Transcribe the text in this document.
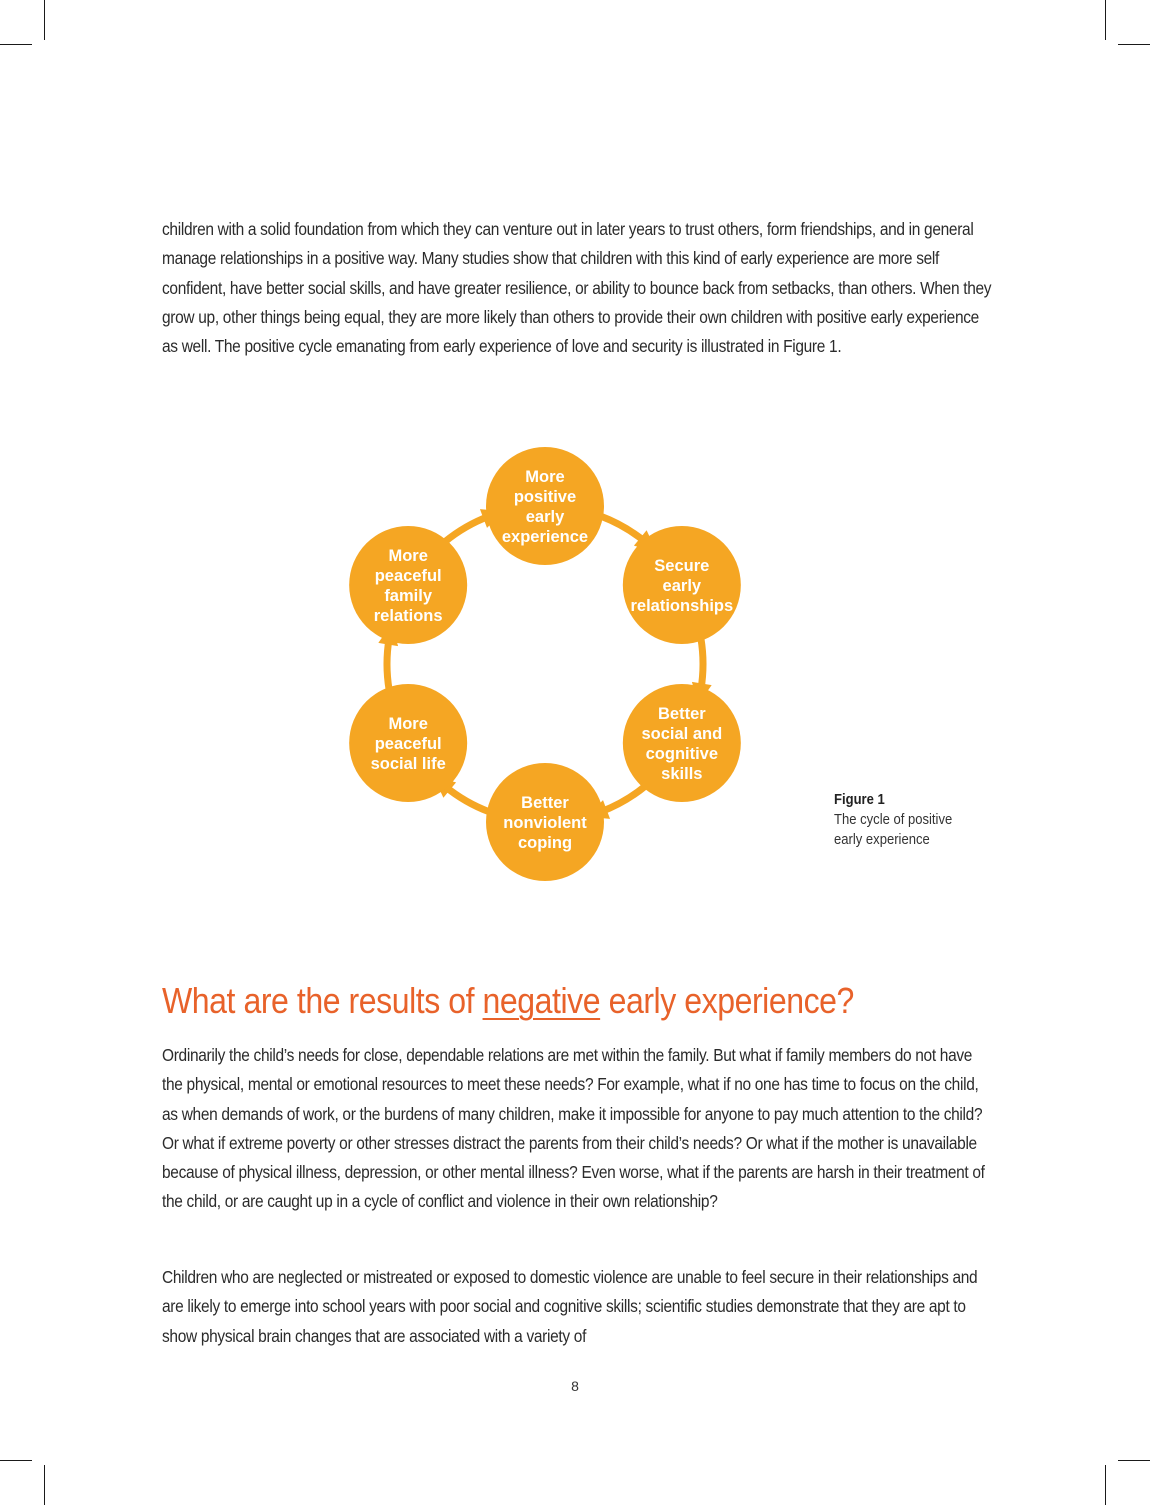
children with a solid foundation from which they can venture out in later years to trust others, form friendships, and in general manage relationships in a positive way. Many studies show that children with this kind of early experience are more self confident, have better social skills, and have greater resilience, or ability to bounce back from setbacks, than others. When they grow up, other things being equal, they are more likely than others to provide their own children with positive early experience as well. The positive cycle emanating from early experience of love and security is illustrated in Figure 1.

More
positive
early
experience
Secure
early
relationships
Better
social and
cognitive
skills
Better
nonviolent
coping
More
peaceful
social life
More
peaceful
family
relations
Figure 1
The cycle of positive early experience
What are the results of negative early experience?

Ordinarily the child’s needs for close, dependable relations are met within the family. But what if family members do not have the physical, mental or emotional resources to meet these needs? For example, what if no one has time to focus on the child, as when demands of work, or the burdens of many children, make it impossible for anyone to pay much attention to the child? Or what if extreme poverty or other stresses distract the parents from their child’s needs? Or what if the mother is unavailable because of physical illness, depression, or other mental illness? Even worse, what if the parents are harsh in their treatment of the child, or are caught up in a cycle of conflict and violence in their own relationship?

Children who are neglected or mistreated or exposed to domestic violence are unable to feel secure in their relationships and are likely to emerge into school years with poor social and cognitive skills; scientific studies demonstrate that they are apt to show physical brain changes that are associated with a variety of

8
